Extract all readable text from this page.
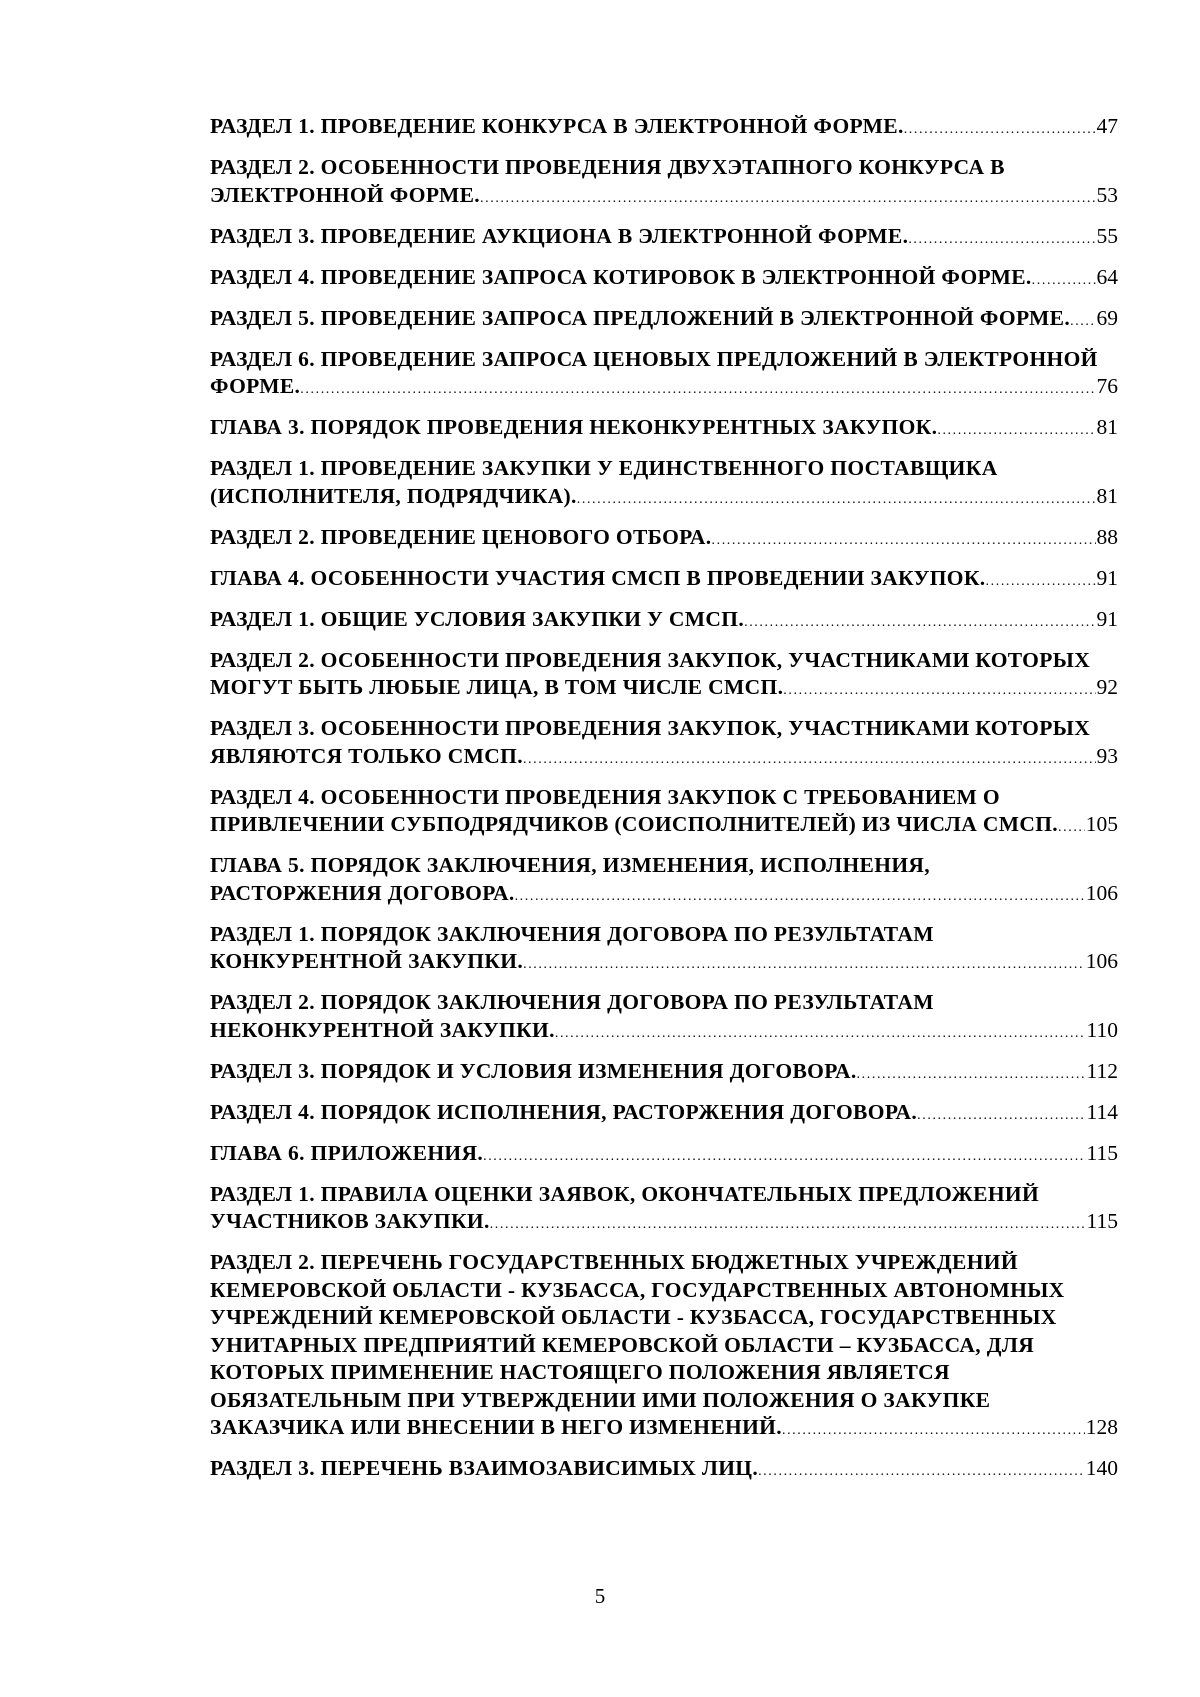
РАЗДЕЛ 1. ПРОВЕДЕНИЕ КОНКУРСА В ЭЛЕКТРОННОЙ ФОРМЕ. .....	47
РАЗДЕЛ 2. ОСОБЕННОСТИ ПРОВЕДЕНИЯ ДВУХЭТАПНОГО КОНКУРСА В
ЭЛЕКТРОННОЙ ФОРМЕ. .....	53
РАЗДЕЛ 3. ПРОВЕДЕНИЕ АУКЦИОНА В ЭЛЕКТРОННОЙ ФОРМЕ. .....	55
РАЗДЕЛ 4. ПРОВЕДЕНИЕ ЗАПРОСА КОТИРОВОК В ЭЛЕКТРОННОЙ ФОРМЕ. .....	64
РАЗДЕЛ 5. ПРОВЕДЕНИЕ ЗАПРОСА ПРЕДЛОЖЕНИЙ В ЭЛЕКТРОННОЙ ФОРМЕ. ..... 69
РАЗДЕЛ 6. ПРОВЕДЕНИЕ ЗАПРОСА ЦЕНОВЫХ ПРЕДЛОЖЕНИЙ В ЭЛЕКТРОННОЙ
ФОРМЕ. .....	76
ГЛАВА 3. ПОРЯДОК ПРОВЕДЕНИЯ НЕКОНКУРЕНТНЫХ ЗАКУПОК. .....	81
РАЗДЕЛ 1. ПРОВЕДЕНИЕ ЗАКУПКИ У ЕДИНСТВЕННОГО ПОСТАВЩИКА
(ИСПОЛНИТЕЛЯ, ПОДРЯДЧИКА). .....	81
РАЗДЕЛ 2. ПРОВЕДЕНИЕ ЦЕНОВОГО ОТБОРА. .....	88
ГЛАВА 4. ОСОБЕННОСТИ УЧАСТИЯ СМСП В ПРОВЕДЕНИИ ЗАКУПОК. .....	91
РАЗДЕЛ 1. ОБЩИЕ УСЛОВИЯ ЗАКУПКИ У СМСП. .....	91
РАЗДЕЛ 2. ОСОБЕННОСТИ ПРОВЕДЕНИЯ ЗАКУПОК, УЧАСТНИКАМИ КОТОРЫХ
МОГУТ БЫТЬ ЛЮБЫЕ ЛИЦА, В ТОМ ЧИСЛЕ СМСП. .....	92
РАЗДЕЛ 3. ОСОБЕННОСТИ ПРОВЕДЕНИЯ ЗАКУПОК, УЧАСТНИКАМИ КОТОРЫХ
ЯВЛЯЮТСЯ ТОЛЬКО СМСП. .....	93
РАЗДЕЛ 4. ОСОБЕННОСТИ ПРОВЕДЕНИЯ ЗАКУПОК С ТРЕБОВАНИЕМ О
ПРИВЛЕЧЕНИИ СУБПОДРЯДЧИКОВ (СОИСПОЛНИТЕЛЕЙ) ИЗ ЧИСЛА СМСП. ..... 105
ГЛАВА 5. ПОРЯДОК ЗАКЛЮЧЕНИЯ, ИЗМЕНЕНИЯ, ИСПОЛНЕНИЯ,
РАСТОРЖЕНИЯ ДОГОВОРА. .....	106
РАЗДЕЛ 1. ПОРЯДОК ЗАКЛЮЧЕНИЯ ДОГОВОРА ПО РЕЗУЛЬТАТАМ
КОНКУРЕНТНОЙ ЗАКУПКИ. .....	106
РАЗДЕЛ 2. ПОРЯДОК ЗАКЛЮЧЕНИЯ ДОГОВОРА ПО РЕЗУЛЬТАТАМ
НЕКОНКУРЕНТНОЙ ЗАКУПКИ. .....	110
РАЗДЕЛ 3. ПОРЯДОК И УСЛОВИЯ ИЗМЕНЕНИЯ ДОГОВОРА. .....	112
РАЗДЕЛ 4. ПОРЯДОК ИСПОЛНЕНИЯ, РАСТОРЖЕНИЯ ДОГОВОРА. .....	114
ГЛАВА 6. ПРИЛОЖЕНИЯ. .....	115
РАЗДЕЛ 1. ПРАВИЛА ОЦЕНКИ ЗАЯВОК, ОКОНЧАТЕЛЬНЫХ ПРЕДЛОЖЕНИЙ
УЧАСТНИКОВ ЗАКУПКИ. .....	115
РАЗДЕЛ 2. ПЕРЕЧЕНЬ ГОСУДАРСТВЕННЫХ БЮДЖЕТНЫХ УЧРЕЖДЕНИЙ
КЕМЕРОВСКОЙ ОБЛАСТИ - КУЗБАССА, ГОСУДАРСТВЕННЫХ АВТОНОМНЫХ
УЧРЕЖДЕНИЙ КЕМЕРОВСКОЙ ОБЛАСТИ - КУЗБАССА, ГОСУДАРСТВЕННЫХ
УНИТАРНЫХ ПРЕДПРИЯТИЙ КЕМЕРОВСКОЙ ОБЛАСТИ – КУЗБАССА, ДЛЯ
КОТОРЫХ ПРИМЕНЕНИЕ НАСТОЯЩЕГО ПОЛОЖЕНИЯ ЯВЛЯЕТСЯ
ОБЯЗАТЕЛЬНЫМ ПРИ УТВЕРЖДЕНИИ ИМИ ПОЛОЖЕНИЯ О ЗАКУПКЕ
ЗАКАЗЧИКА ИЛИ ВНЕСЕНИИ В НЕГО ИЗМЕНЕНИЙ. .....	128
РАЗДЕЛ 3. ПЕРЕЧЕНЬ ВЗАИМОЗАВИСИМЫХ ЛИЦ. .....	140
5
